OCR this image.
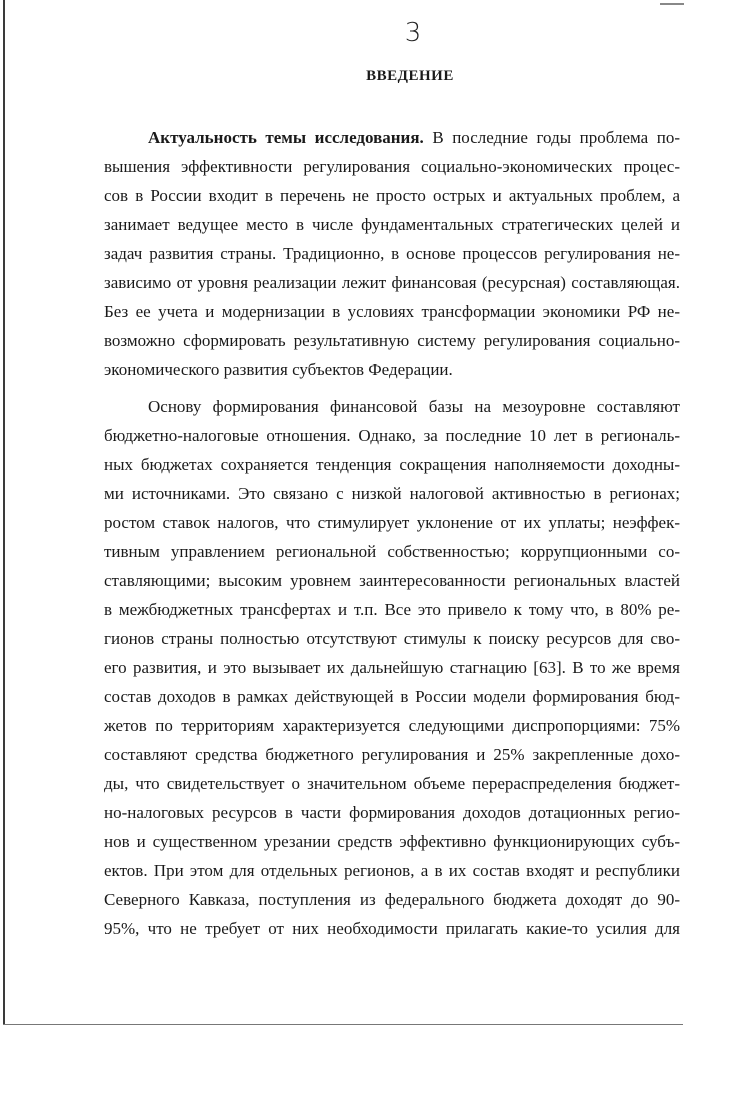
3
ВВЕДЕНИЕ

Актуальность темы исследования. В последние годы проблема по-

вышения эффективности регулирования социально-экономических процес-

сов в России входит в перечень не просто острых и актуальных проблем, а

занимает ведущее место в числе фундаментальных стратегических целей и

задач развития страны. Традиционно, в основе процессов регулирования не-

зависимо от уровня реализации лежит финансовая (ресурсная) составляющая.

Без ее учета и модернизации в условиях трансформации экономики РФ не-

возможно сформировать результативную систему регулирования социально-

экономического развития субъектов Федерации.

Основу формирования финансовой базы на мезоуровне составляют

бюджетно-налоговые отношения. Однако, за последние 10 лет в региональ-

ных бюджетах сохраняется тенденция сокращения наполняемости доходны-

ми источниками. Это связано с низкой налоговой активностью в регионах;

ростом ставок налогов, что стимулирует уклонение от их уплаты; неэффек-

тивным управлением региональной собственностью; коррупционными со-

ставляющими; высоким уровнем заинтересованности региональных властей

в межбюджетных трансфертах и т.п. Все это привело к тому что, в 80% ре-

гионов страны полностью отсутствуют стимулы к поиску ресурсов для сво-

его развития, и это вызывает их дальнейшую стагнацию [63]. В то же время

состав доходов в рамках действующей в России модели формирования бюд-

жетов по территориям характеризуется следующими диспропорциями: 75%

составляют средства бюджетного регулирования и 25% закрепленные дохо-

ды, что свидетельствует о значительном объеме перераспределения бюджет-

но-налоговых ресурсов в части формирования доходов дотационных регио-

нов и существенном урезании средств эффективно функционирующих субъ-

ектов. При этом для отдельных регионов, а в их состав входят и республики

Северного Кавказа, поступления из федерального бюджета доходят до 90-

95%, что не требует от них необходимости прилагать какие-то усилия для
